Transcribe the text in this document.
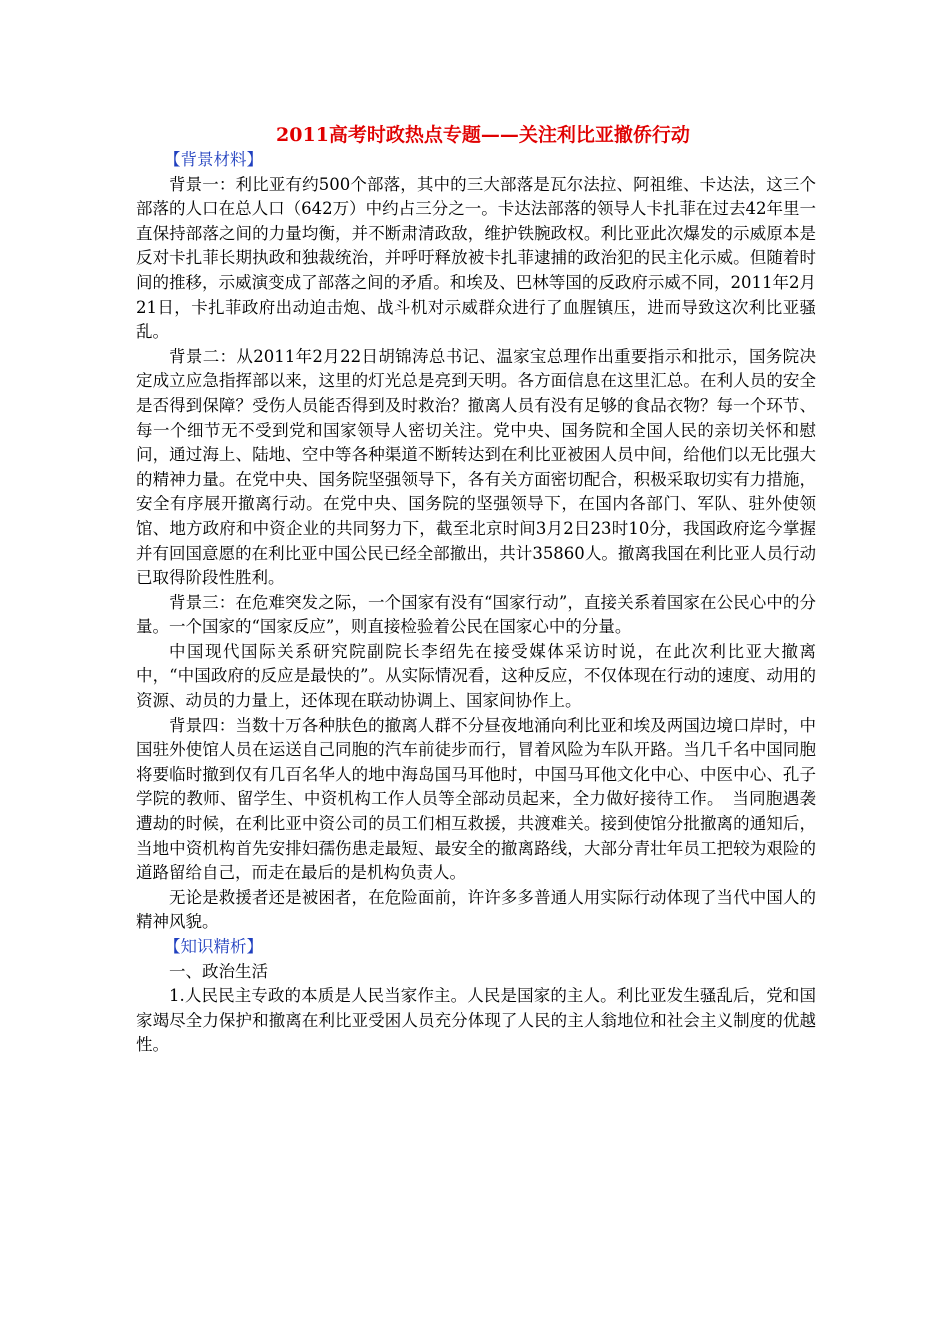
2011高考时政热点专题——关注利比亚撤侨行动
【背景材料】

背景一：利比亚有约500个部落，其中的三大部落是瓦尔法拉、阿祖维、卡达法，这三个部落的人口在总人口（642万）中约占三分之一。卡达法部落的领导人卡扎菲在过去42年里一直保持部落之间的力量均衡，并不断肃清政敌，维护铁腕政权。利比亚此次爆发的示威原本是反对卡扎菲长期执政和独裁统治，并呼吁释放被卡扎菲逮捕的政治犯的民主化示威。但随着时间的推移，示威演变成了部落之间的矛盾。和埃及、巴林等国的反政府示威不同，2011年2月21日，卡扎菲政府出动迫击炮、战斗机对示威群众进行了血腥镇压，进而导致这次利比亚骚乱。

背景二：从2011年2月22日胡锦涛总书记、温家宝总理作出重要指示和批示，国务院决定成立应急指挥部以来，这里的灯光总是亮到天明。各方面信息在这里汇总。在利人员的安全是否得到保障？受伤人员能否得到及时救治？撤离人员有没有足够的食品衣物？每一个环节、每一个细节无不受到党和国家领导人密切关注。党中央、国务院和全国人民的亲切关怀和慰问，通过海上、陆地、空中等各种渠道不断转达到在利比亚被困人员中间，给他们以无比强大的精神力量。在党中央、国务院坚强领导下，各有关方面密切配合，积极采取切实有力措施，安全有序展开撤离行动。在党中央、国务院的坚强领导下，在国内各部门、军队、驻外使领馆、地方政府和中资企业的共同努力下，截至北京时间3月2日23时10分，我国政府迄今掌握并有回国意愿的在利比亚中国公民已经全部撤出，共计35860人。撤离我国在利比亚人员行动已取得阶段性胜利。

背景三：在危难突发之际，一个国家有没有“国家行动”，直接关系着国家在公民心中的分量。一个国家的“国家反应”，则直接检验着公民在国家心中的分量。

中国现代国际关系研究院副院长李绍先在接受媒体采访时说，在此次利比亚大撤离中，“中国政府的反应是最快的”。从实际情况看，这种反应，不仅体现在行动的速度、动用的资源、动员的力量上，还体现在联动协调上、国家间协作上。

背景四：当数十万各种肤色的撤离人群不分昼夜地涌向利比亚和埃及两国边境口岸时，中国驻外使馆人员在运送自己同胞的汽车前徒步而行，冒着风险为车队开路。当几千名中国同胞将要临时撤到仅有几百名华人的地中海岛国马耳他时，中国马耳他文化中心、中医中心、孔子学院的教师、留学生、中资机构工作人员等全部动员起来，全力做好接待工作。　当同胞遇袭遭劫的时候，在利比亚中资公司的员工们相互救援，共渡难关。接到使馆分批撤离的通知后，当地中资机构首先安排妇孺伤患走最短、最安全的撤离路线，大部分青壮年员工把较为艰险的道路留给自己，而走在最后的是机构负责人。

无论是救援者还是被困者，在危险面前，许许多多普通人用实际行动体现了当代中国人的精神风貌。

【知识精析】

一、政治生活

1.人民民主专政的本质是人民当家作主。人民是国家的主人。利比亚发生骚乱后，党和国家竭尽全力保护和撤离在利比亚受困人员充分体现了人民的主人翁地位和社会主义制度的优越性。
